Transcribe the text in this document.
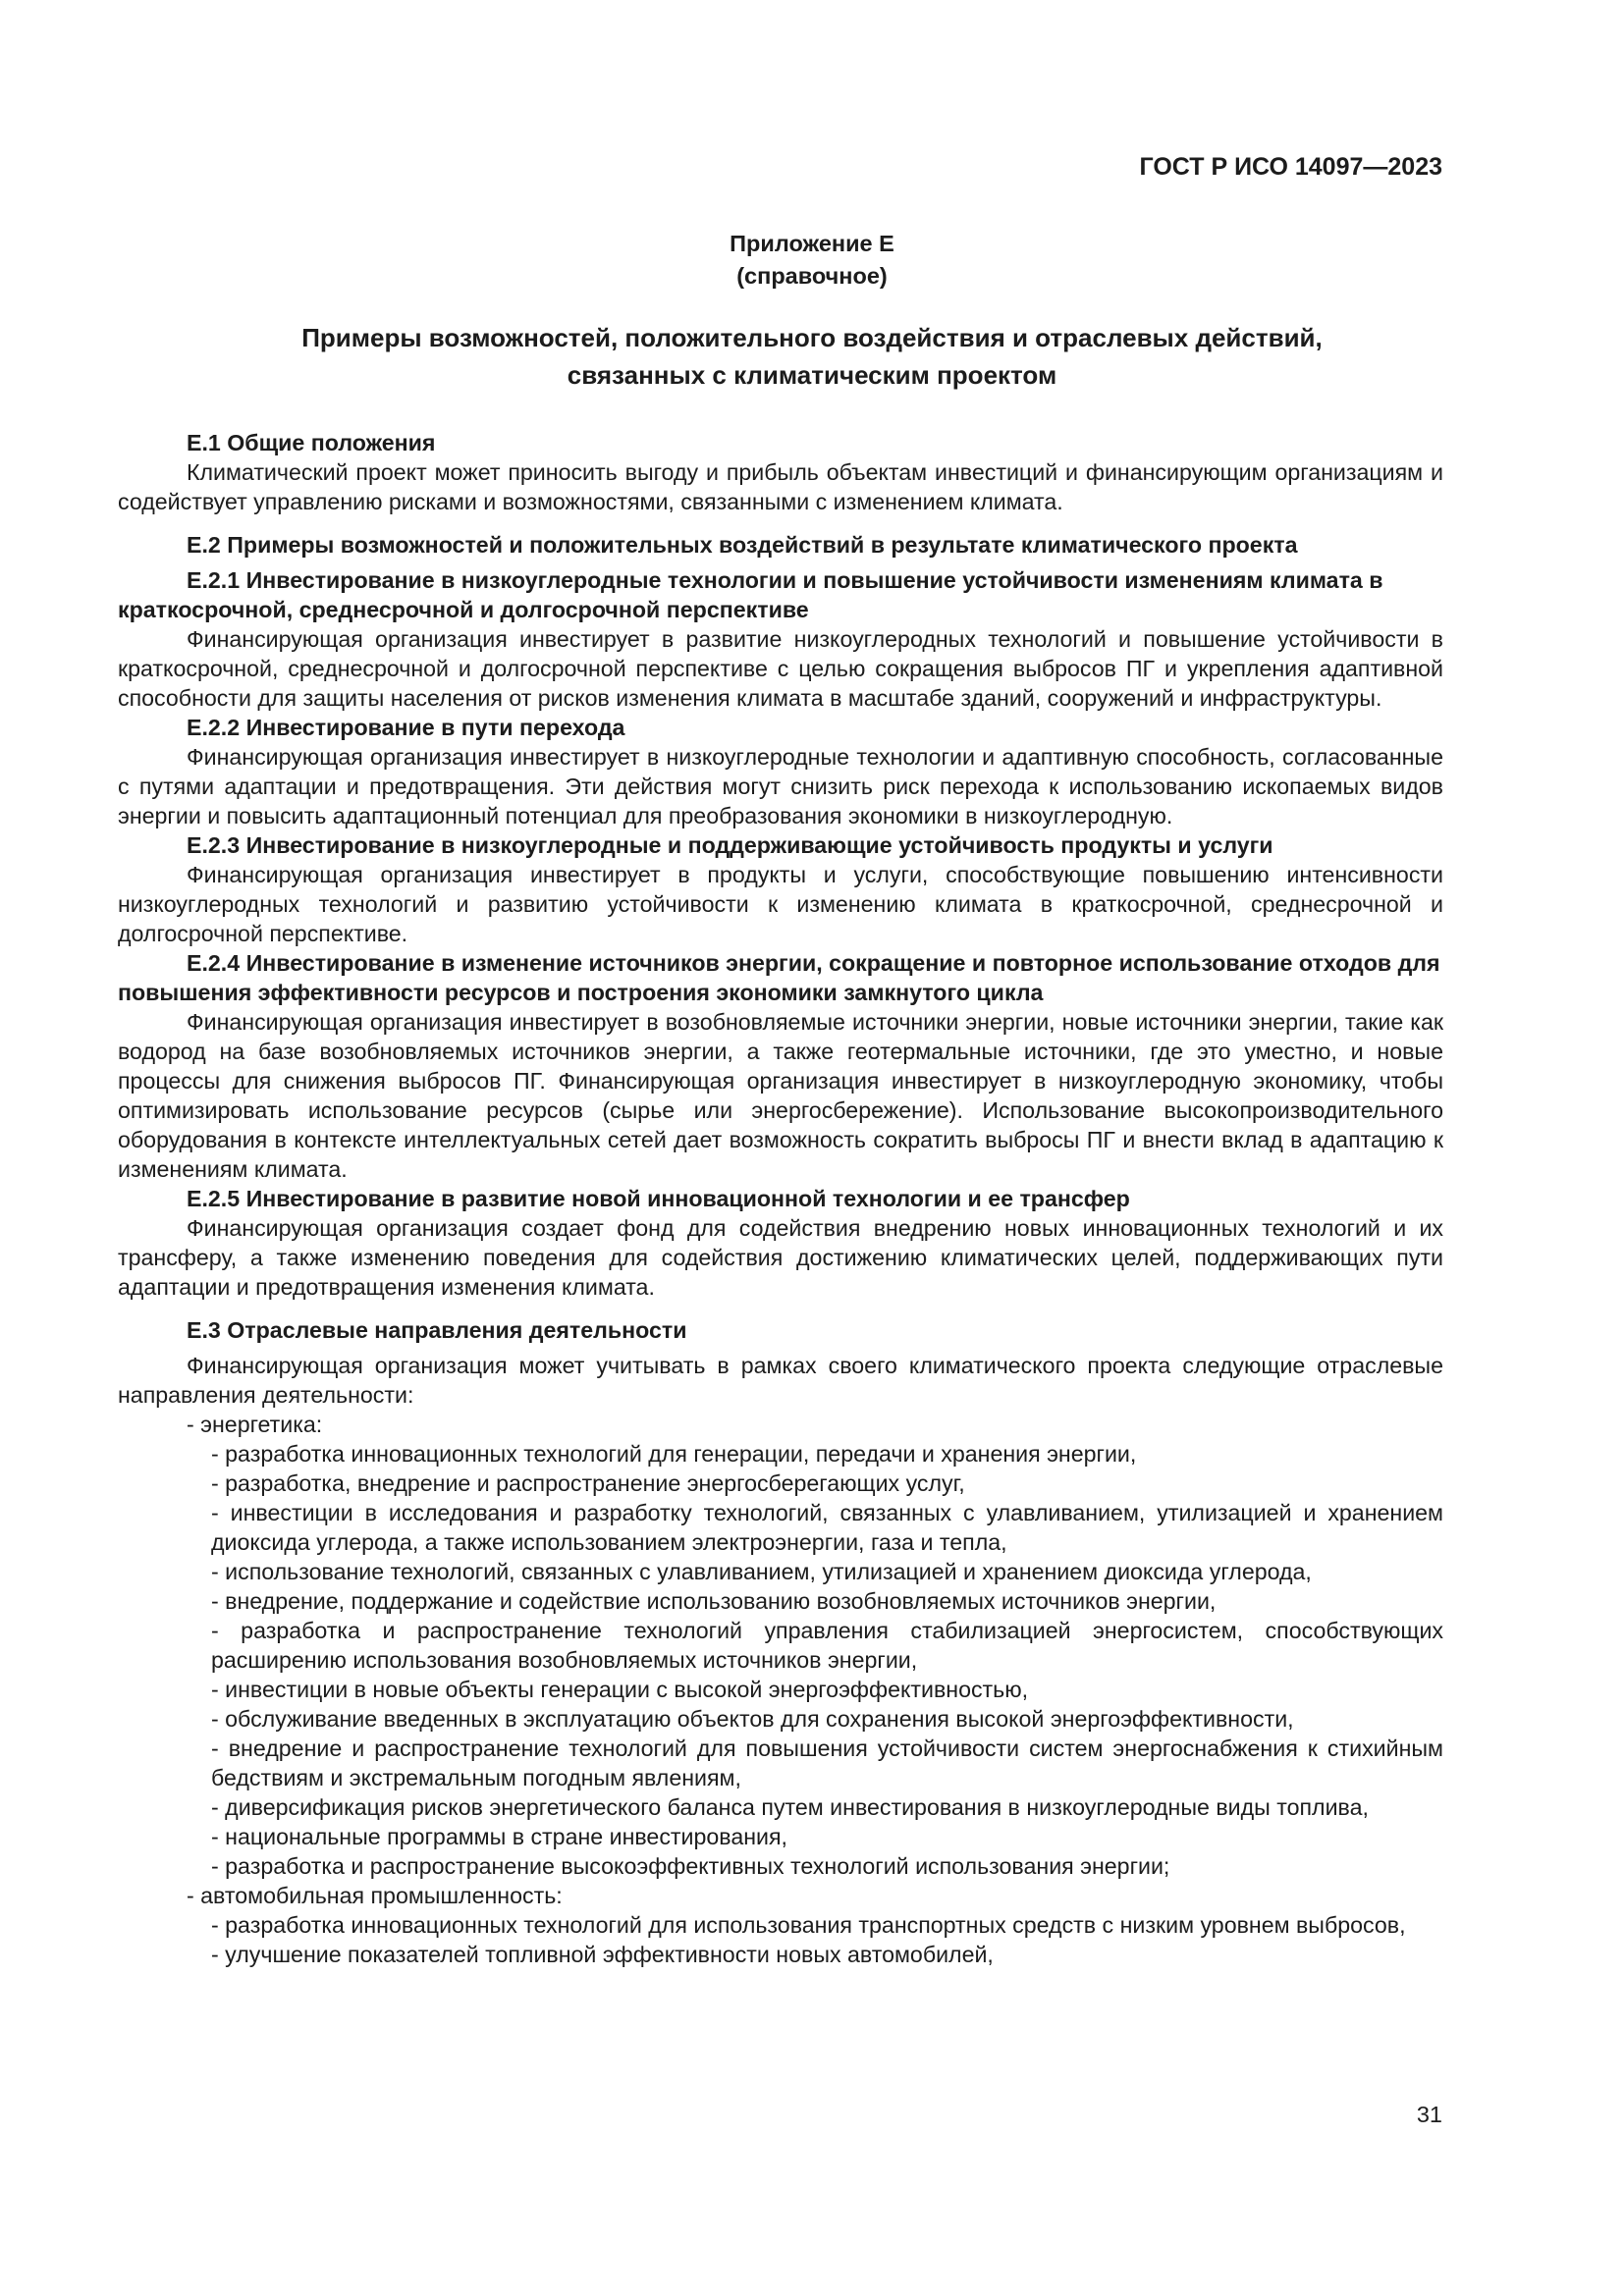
ГОСТ Р ИСО 14097—2023
Приложение Е
(справочное)
Примеры возможностей, положительного воздействия и отраслевых действий,
связанных с климатическим проектом

Е.1 Общие положения

Климатический проект может приносить выгоду и прибыль объектам инвестиций и финансирующим организациям и содействует управлению рисками и возможностями, связанными с изменением климата.

Е.2 Примеры возможностей и положительных воздействий в результате климатического проекта

Е.2.1 Инвестирование в низкоуглеродные технологии и повышение устойчивости изменениям климата в краткосрочной, среднесрочной и долгосрочной перспективе

Финансирующая организация инвестирует в развитие низкоуглеродных технологий и повышение устойчивости в краткосрочной, среднесрочной и долгосрочной перспективе с целью сокращения выбросов ПГ и укрепления адаптивной способности для защиты населения от рисков изменения климата в масштабе зданий, сооружений и инфраструктуры.

Е.2.2 Инвестирование в пути перехода

Финансирующая организация инвестирует в низкоуглеродные технологии и адаптивную способность, согласованные с путями адаптации и предотвращения. Эти действия могут снизить риск перехода к использованию ископаемых видов энергии и повысить адаптационный потенциал для преобразования экономики в низкоуглеродную.

Е.2.3 Инвестирование в низкоуглеродные и поддерживающие устойчивость продукты и услуги

Финансирующая организация инвестирует в продукты и услуги, способствующие повышению интенсивности низкоуглеродных технологий и развитию устойчивости к изменению климата в краткосрочной, среднесрочной и долгосрочной перспективе.

Е.2.4 Инвестирование в изменение источников энергии, сокращение и повторное использование отходов для повышения эффективности ресурсов и построения экономики замкнутого цикла

Финансирующая организация инвестирует в возобновляемые источники энергии, новые источники энергии, такие как водород на базе возобновляемых источников энергии, а также геотермальные источники, где это уместно, и новые процессы для снижения выбросов ПГ. Финансирующая организация инвестирует в низкоуглеродную экономику, чтобы оптимизировать использование ресурсов (сырье или энергосбережение). Использование высокопроизводительного оборудования в контексте интеллектуальных сетей дает возможность сократить выбросы ПГ и внести вклад в адаптацию к изменениям климата.

Е.2.5 Инвестирование в развитие новой инновационной технологии и ее трансфер

Финансирующая организация создает фонд для содействия внедрению новых инновационных технологий и их трансферу, а также изменению поведения для содействия достижению климатических целей, поддерживающих пути адаптации и предотвращения изменения климата.

Е.3 Отраслевые направления деятельности

Финансирующая организация может учитывать в рамках своего климатического проекта следующие отраслевые направления деятельности:

- энергетика:

- разработка инновационных технологий для генерации, передачи и хранения энергии,

- разработка, внедрение и распространение энергосберегающих услуг,

- инвестиции в исследования и разработку технологий, связанных с улавливанием, утилизацией и хранением диоксида углерода, а также использованием электроэнергии, газа и тепла,

- использование технологий, связанных с улавливанием, утилизацией и хранением диоксида углерода,

- внедрение, поддержание и содействие использованию возобновляемых источников энергии,

- разработка и распространение технологий управления стабилизацией энергосистем, способствующих расширению использования возобновляемых источников энергии,

- инвестиции в новые объекты генерации с высокой энергоэффективностью,

- обслуживание введенных в эксплуатацию объектов для сохранения высокой энергоэффективности,

- внедрение и распространение технологий для повышения устойчивости систем энергоснабжения к стихийным бедствиям и экстремальным погодным явлениям,

- диверсификация рисков энергетического баланса путем инвестирования в низкоуглеродные виды топлива,

- национальные программы в стране инвестирования,

- разработка и распространение высокоэффективных технологий использования энергии;

- автомобильная промышленность:

- разработка инновационных технологий для использования транспортных средств с низким уровнем выбросов,

- улучшение показателей топливной эффективности новых автомобилей,

31
